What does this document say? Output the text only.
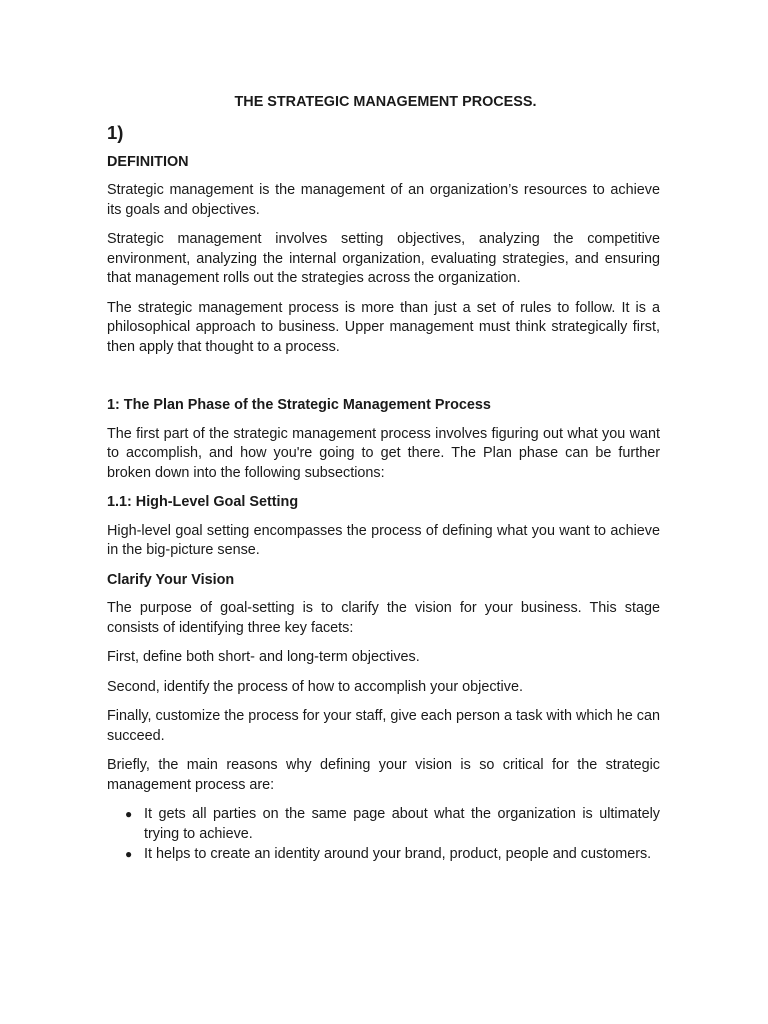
THE STRATEGIC MANAGEMENT PROCESS.
1)
DEFINITION

Strategic management is the management of an organization’s resources to achieve its goals and objectives.

Strategic management involves setting objectives, analyzing the competitive environment, analyzing the internal organization, evaluating strategies, and ensuring that management rolls out the strategies across the organization.

The strategic management process is more than just a set of rules to follow. It is a philosophical approach to business. Upper management must think strategically first, then apply that thought to a process.

1: The Plan Phase of the Strategic Management Process

The first part of the strategic management process involves figuring out what you want to accomplish, and how you're going to get there. The Plan phase can be further broken down into the following subsections:

1.1: High-Level Goal Setting

High-level goal setting encompasses the process of defining what you want to achieve in the big-picture sense.

Clarify Your Vision

The purpose of goal-setting is to clarify the vision for your business. This stage consists of identifying three key facets:

First, define both short- and long-term objectives.

Second, identify the process of how to accomplish your objective.

Finally, customize the process for your staff, give each person a task with which he can succeed.

Briefly, the main reasons why defining your vision is so critical for the strategic management process are:

● It gets all parties on the same page about what the organization is ultimately trying to achieve.
● It helps to create an identity around your brand, product, people and customers.
